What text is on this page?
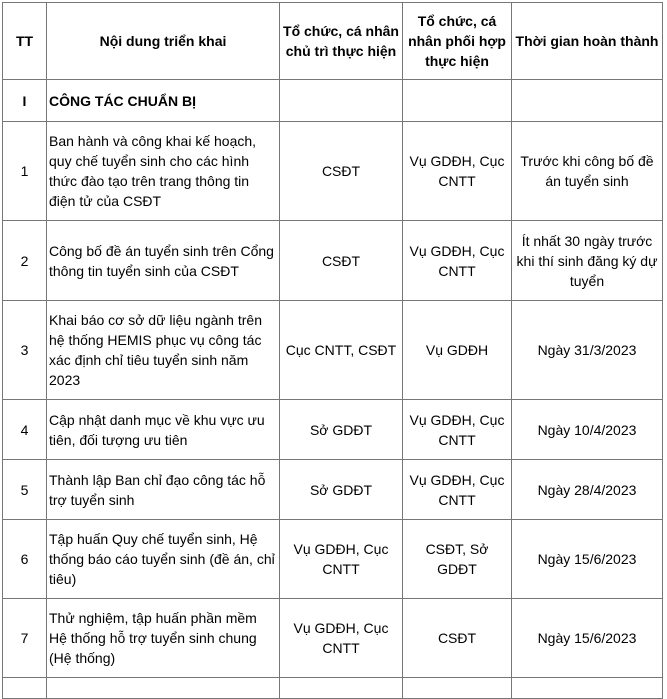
TT	Nội dung triển khai	Tổ chức, cá nhân chủ trì thực hiện	Tổ chức, cá nhân phối hợp thực hiện	Thời gian hoàn thành
I	CÔNG TÁC CHUẨN BỊ			
1	Ban hành và công khai kế hoạch, quy chế tuyển sinh cho các hình thức đào tạo trên trang thông tin điện tử của CSĐT	CSĐT	Vụ GDĐH, Cục CNTT	Trước khi công bố đề án tuyển sinh
2	Công bố đề án tuyển sinh trên Cổng thông tin tuyển sinh của CSĐT	CSĐT	Vụ GDĐH, Cục CNTT	Ít nhất 30 ngày trước khi thí sinh đăng ký dự tuyển
3	Khai báo cơ sở dữ liệu ngành trên hệ thống HEMIS phục vụ công tác xác định chỉ tiêu tuyển sinh năm 2023	Cục CNTT, CSĐT	Vụ GDĐH	Ngày 31/3/2023
4	Cập nhật danh mục về khu vực ưu tiên, đối tượng ưu tiên	Sở GDĐT	Vụ GDĐH, Cục CNTT	Ngày 10/4/2023
5	Thành lập Ban chỉ đạo công tác hỗ trợ tuyển sinh	Sở GDĐT	Vụ GDĐH, Cục CNTT	Ngày 28/4/2023
6	Tập huấn Quy chế tuyển sinh, Hệ thống báo cáo tuyển sinh (đề án, chỉ tiêu)	Vụ GDĐH, Cục CNTT	CSĐT, Sở GDĐT	Ngày 15/6/2023
7	Thử nghiệm, tập huấn phần mềm Hệ thống hỗ trợ tuyển sinh chung (Hệ thống)	Vụ GDĐH, Cục CNTT	CSĐT	Ngày 15/6/2023
